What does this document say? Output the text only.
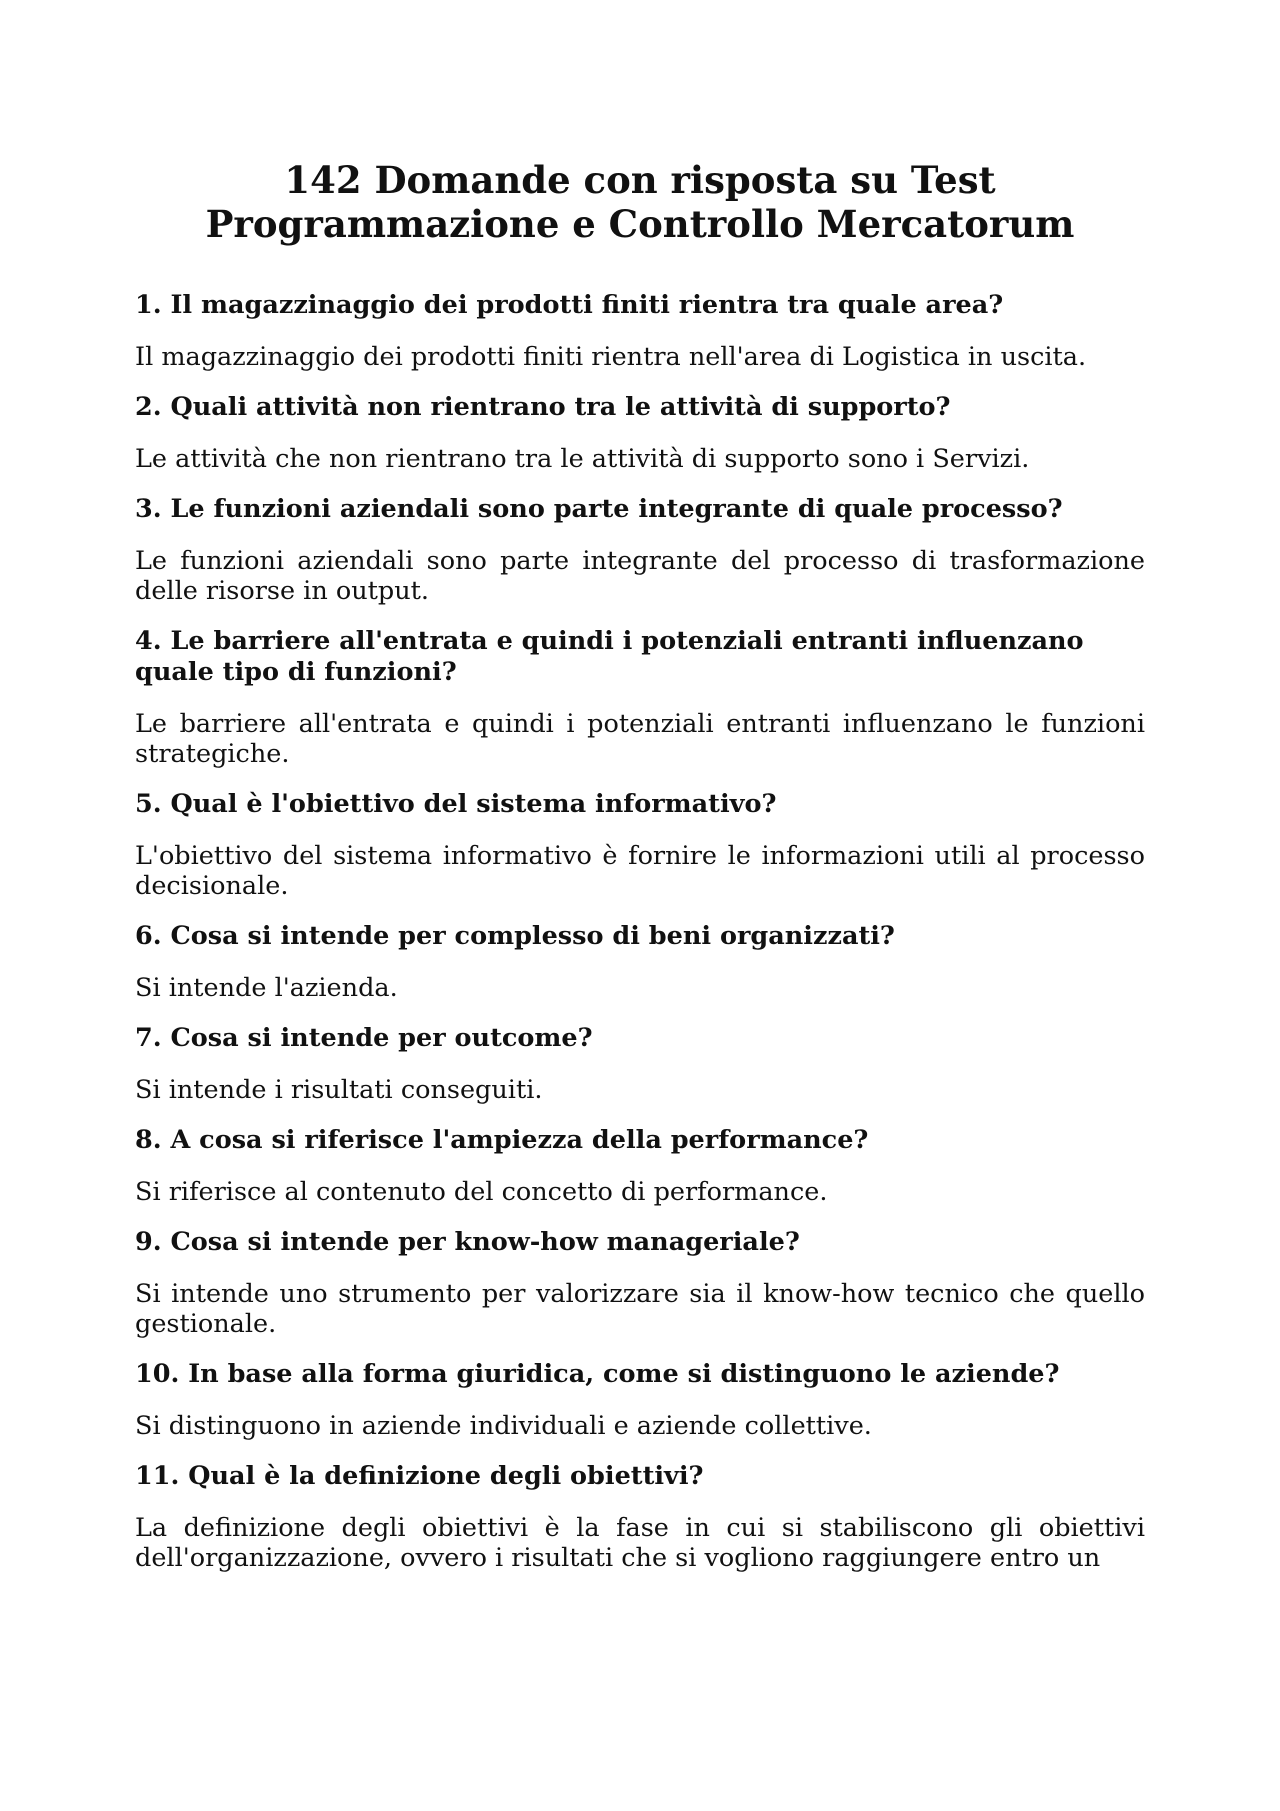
142 Domande con risposta su Test Programmazione e Controllo Mercatorum

1. Il magazzinaggio dei prodotti finiti rientra tra quale area?

Il magazzinaggio dei prodotti finiti rientra nell'area di Logistica in uscita.

2. Quali attività non rientrano tra le attività di supporto?

Le attività che non rientrano tra le attività di supporto sono i Servizi.

3. Le funzioni aziendali sono parte integrante di quale processo?

Le funzioni aziendali sono parte integrante del processo di trasformazione delle risorse in output.

4. Le barriere all'entrata e quindi i potenziali entranti influenzano quale tipo di funzioni?

Le barriere all'entrata e quindi i potenziali entranti influenzano le funzioni strategiche.

5. Qual è l'obiettivo del sistema informativo?

L'obiettivo del sistema informativo è fornire le informazioni utili al processo decisionale.

6. Cosa si intende per complesso di beni organizzati?

Si intende l'azienda.

7. Cosa si intende per outcome?

Si intende i risultati conseguiti.

8. A cosa si riferisce l'ampiezza della performance?

Si riferisce al contenuto del concetto di performance.

9. Cosa si intende per know-how manageriale?

Si intende uno strumento per valorizzare sia il know-how tecnico che quello gestionale.

10. In base alla forma giuridica, come si distinguono le aziende?

Si distinguono in aziende individuali e aziende collettive.

11. Qual è la definizione degli obiettivi?

La definizione degli obiettivi è la fase in cui si stabiliscono gli obiettivi dell'organizzazione, ovvero i risultati che si vogliono raggiungere entro un
